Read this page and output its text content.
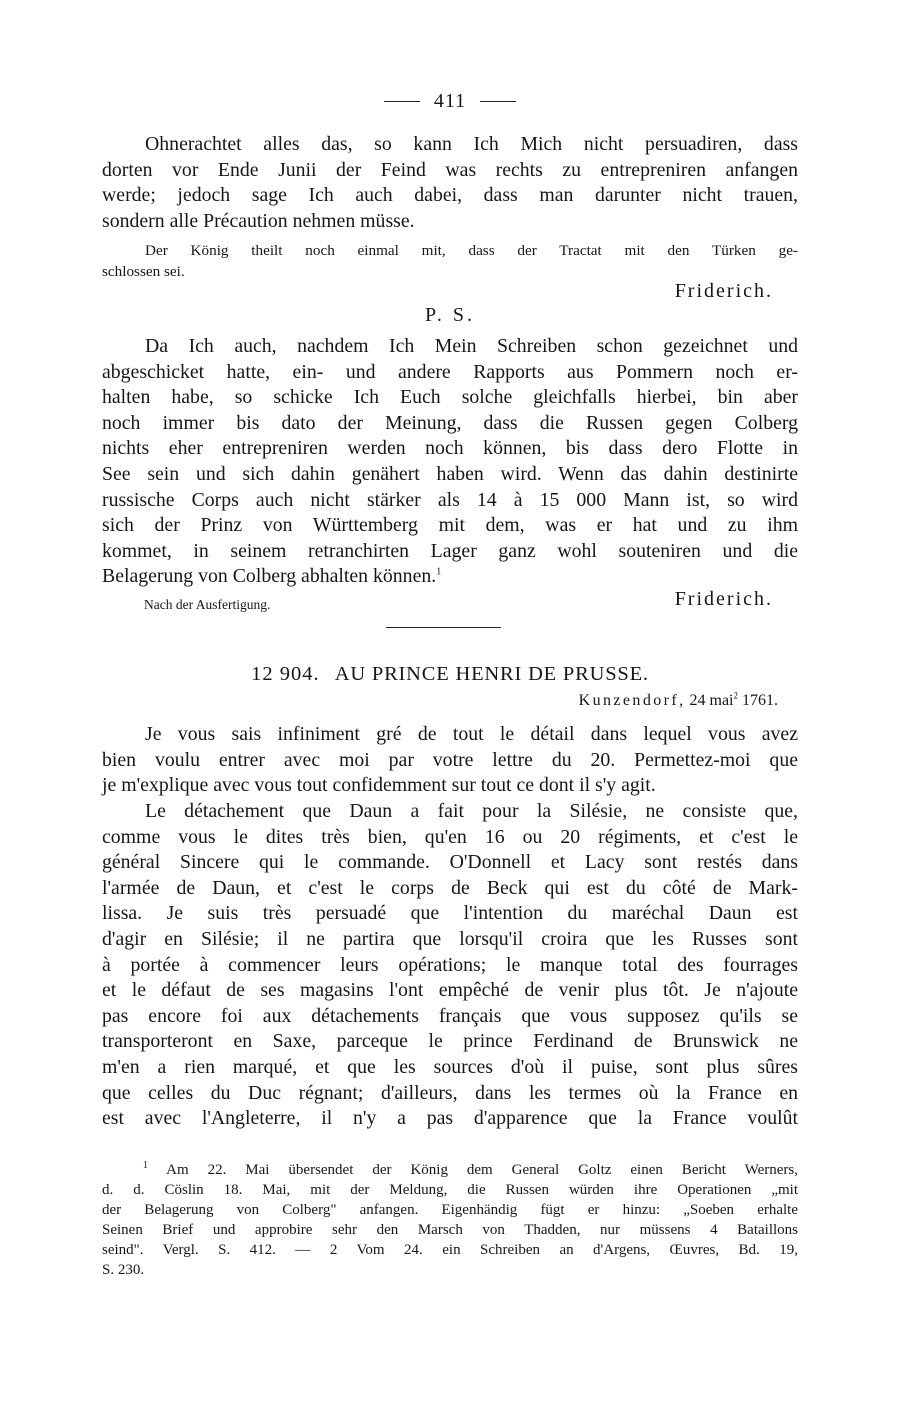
411
Ohnerachtet alles das, so kann Ich Mich nicht persuadiren, dass
dorten vor Ende Junii der Feind was rechts zu entrepreniren anfangen
werde; jedoch sage Ich auch dabei, dass man darunter nicht trauen,
sondern alle Précaution nehmen müsse.
Der König theilt noch einmal mit, dass der Tractat mit den Türken ge-
schlossen sei.
Friderich.
P. S.
Da Ich auch, nachdem Ich Mein Schreiben schon gezeichnet und
abgeschicket hatte, ein- und andere Rapports aus Pommern noch er-
halten habe, so schicke Ich Euch solche gleichfalls hierbei, bin aber
noch immer bis dato der Meinung, dass die Russen gegen Colberg
nichts eher entrepreniren werden noch können, bis dass dero Flotte in
See sein und sich dahin genähert haben wird. Wenn das dahin destinirte
russische Corps auch nicht stärker als 14 à 15 000 Mann ist, so wird
sich der Prinz von Württemberg mit dem, was er hat und zu ihm
kommet, in seinem retranchirten Lager ganz wohl souteniren und die
Belagerung von Colberg abhalten können.$^1$
Nach der Ausfertigung.	Friderich.
12 904. AU PRINCE HENRI DE PRUSSE.
Kunzendorf, 24 mai$^2$ 1761.
Je vous sais infiniment gré de tout le détail dans lequel vous avez
bien voulu entrer avec moi par votre lettre du 20. Permettez-moi que
je m'explique avec vous tout confidemment sur tout ce dont il s'y agit.
Le détachement que Daun a fait pour la Silésie, ne consiste que,
comme vous le dites très bien, qu'en 16 ou 20 régiments, et c'est le
général Sincere qui le commande. O'Donnell et Lacy sont restés dans
l'armée de Daun, et c'est le corps de Beck qui est du côté de Mark-
lissa. Je suis très persuadé que l'intention du maréchal Daun est
d'agir en Silésie; il ne partira que lorsqu'il croira que les Russes sont
à portée à commencer leurs opérations; le manque total des fourrages
et le défaut de ses magasins l'ont empêché de venir plus tôt. Je n'ajoute
pas encore foi aux détachements français que vous supposez qu'ils se
transporteront en Saxe, parceque le prince Ferdinand de Brunswick ne
m'en a rien marqué, et que les sources d'où il puise, sont plus sûres
que celles du Duc régnant; d'ailleurs, dans les termes où la France en
est avec l'Angleterre, il n'y a pas d'apparence que la France voulût
$^1$ Am 22. Mai übersendet der König dem General Goltz einen Bericht Werners,
d. d. Cöslin 18. Mai, mit der Meldung, die Russen würden ihre Operationen „mit
der Belagerung von Colberg" anfangen. Eigenhändig fügt er hinzu: „Soeben erhalte
Seinen Brief und approbire sehr den Marsch von Thadden, nur müssens 4 Bataillons
seind". Vergl. S. 412. — 2 Vom 24. ein Schreiben an d'Argens, Œuvres, Bd. 19,
S. 230.
